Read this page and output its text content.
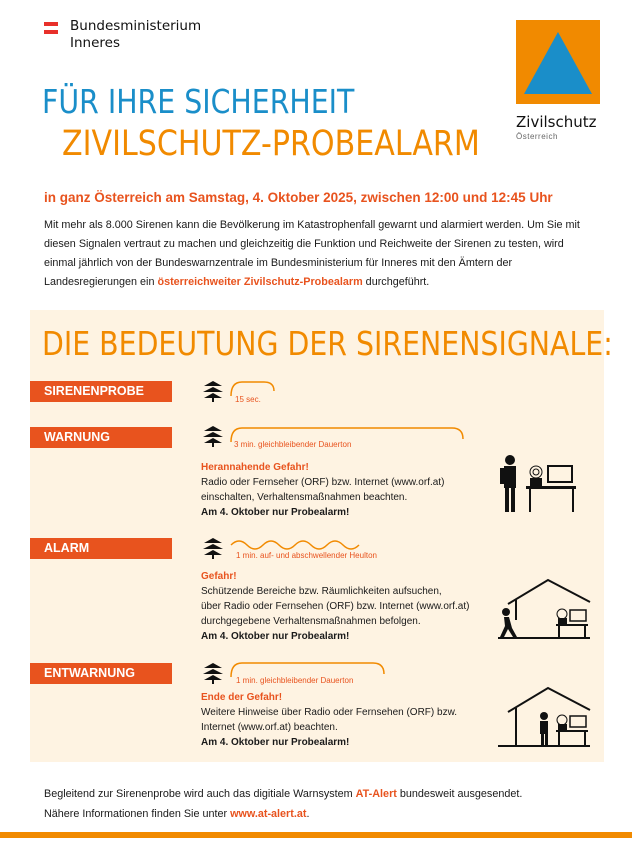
Bundesministerium
Inneres
Zivilschutz
Österreich
FÜR IHRE SICHERHEIT
ZIVILSCHUTZ-PROBEALARM
in ganz Österreich am Samstag, 4. Oktober 2025, zwischen 12:00 und 12:45 Uhr
Mit mehr als 8.000 Sirenen kann die Bevölkerung im Katastrophenfall gewarnt und alarmiert werden. Um Sie mit diesen Signalen vertraut zu machen und gleichzeitig die Funktion und Reichweite der Sirenen zu testen, wird einmal jährlich von der Bundeswarnzentrale im Bundesministerium für Inneres mit den Ämtern der Landesregierungen ein österreichweiter Zivilschutz-Probealarm durchgeführt.
DIE BEDEUTUNG DER SIRENENSIGNALE:
SIRENENPROBE
15 sec.
WARNUNG
3 min. gleichbleibender Dauerton
Herannahende Gefahr!
Radio oder Fernseher (ORF) bzw. Internet (www.orf.at)
einschalten, Verhaltensmaßnahmen beachten.
Am 4. Oktober nur Probealarm!
ALARM
1 min. auf- und abschwellender Heulton
Gefahr!
Schützende Bereiche bzw. Räumlichkeiten aufsuchen,
über Radio oder Fernsehen (ORF) bzw. Internet (www.orf.at)
durchgegebene Verhaltensmaßnahmen befolgen.
Am 4. Oktober nur Probealarm!
ENTWARNUNG
1 min. gleichbleibender Dauerton
Ende der Gefahr!
Weitere Hinweise über Radio oder Fernsehen (ORF) bzw.
Internet (www.orf.at) beachten.
Am 4. Oktober nur Probealarm!
Begleitend zur Sirenenprobe wird auch das digitiale Warnsystem AT-Alert bundesweit ausgesendet.
Nähere Informationen finden Sie unter www.at-alert.at.
